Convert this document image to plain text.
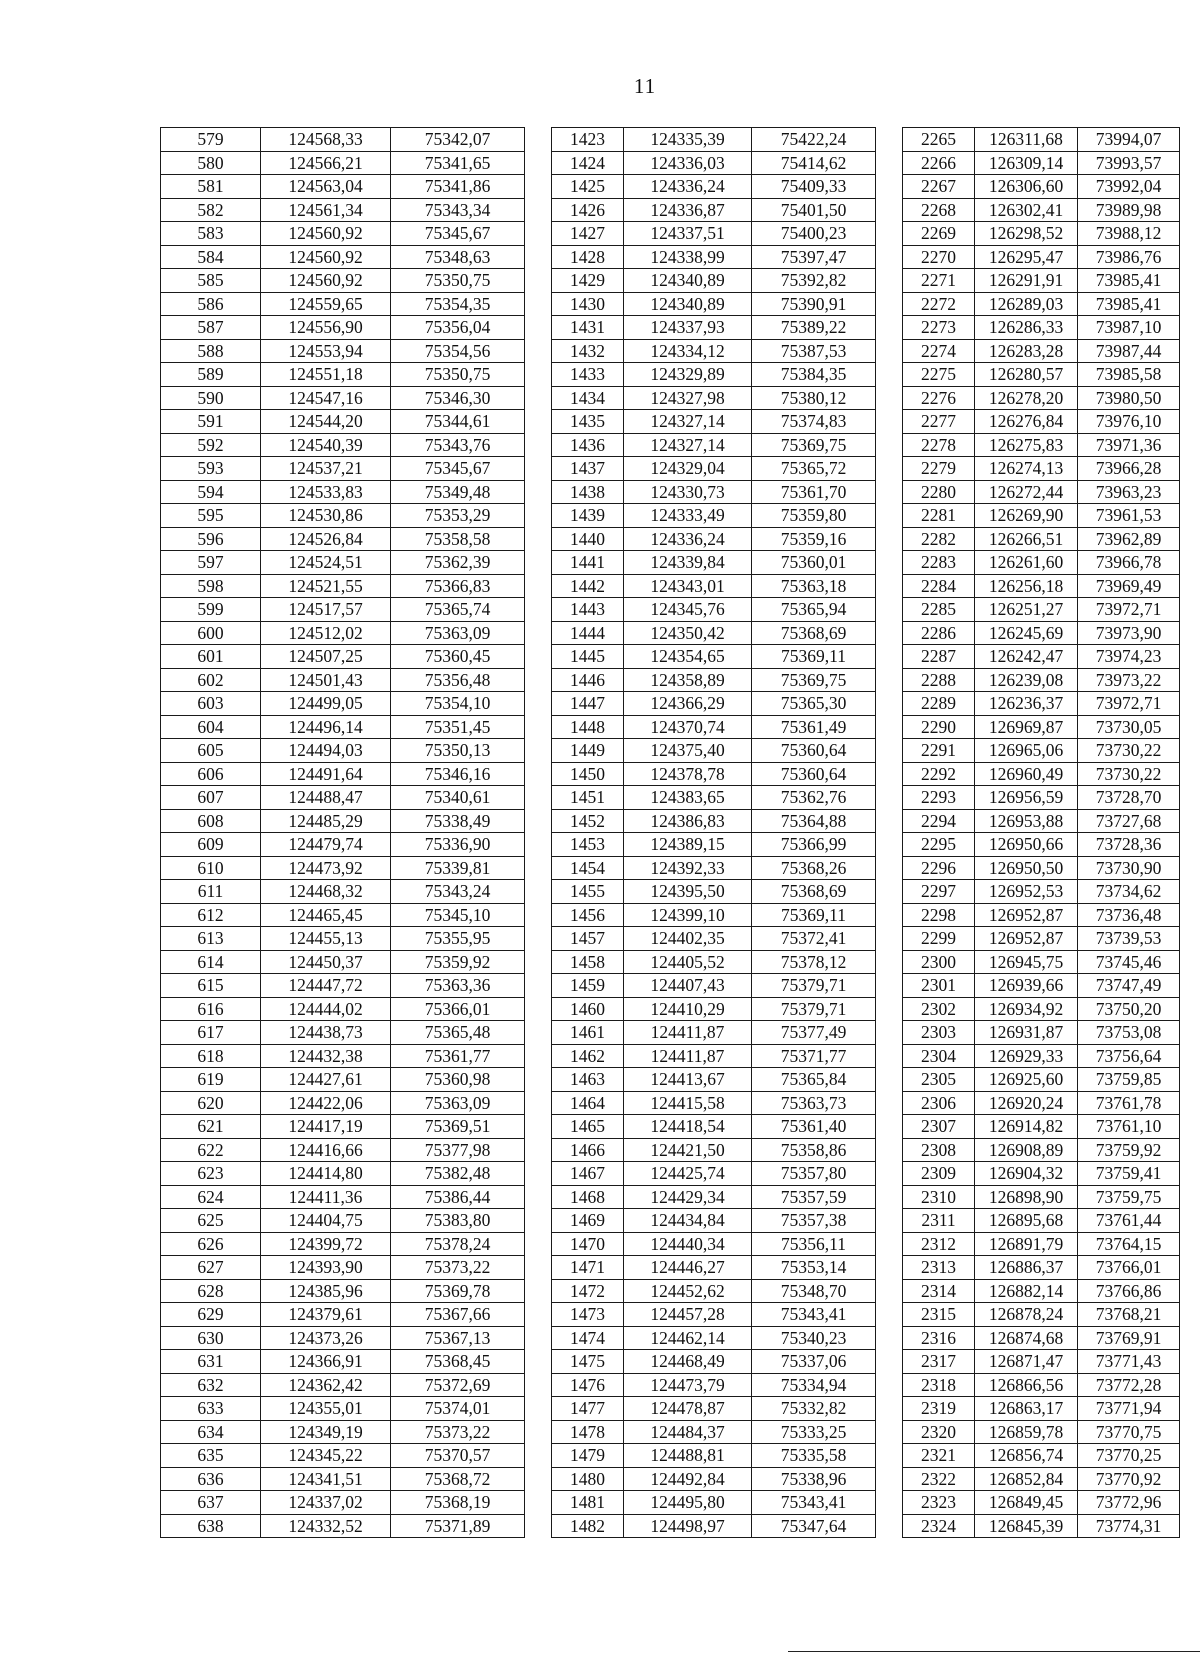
11
579	124568,33	75342,07		1423	124335,39	75422,24		2265	126311,68	73994,07
580	124566,21	75341,65		1424	124336,03	75414,62		2266	126309,14	73993,57
581	124563,04	75341,86		1425	124336,24	75409,33		2267	126306,60	73992,04
582	124561,34	75343,34		1426	124336,87	75401,50		2268	126302,41	73989,98
583	124560,92	75345,67		1427	124337,51	75400,23		2269	126298,52	73988,12
584	124560,92	75348,63		1428	124338,99	75397,47		2270	126295,47	73986,76
585	124560,92	75350,75		1429	124340,89	75392,82		2271	126291,91	73985,41
586	124559,65	75354,35		1430	124340,89	75390,91		2272	126289,03	73985,41
587	124556,90	75356,04		1431	124337,93	75389,22		2273	126286,33	73987,10
588	124553,94	75354,56		1432	124334,12	75387,53		2274	126283,28	73987,44
589	124551,18	75350,75		1433	124329,89	75384,35		2275	126280,57	73985,58
590	124547,16	75346,30		1434	124327,98	75380,12		2276	126278,20	73980,50
591	124544,20	75344,61		1435	124327,14	75374,83		2277	126276,84	73976,10
592	124540,39	75343,76		1436	124327,14	75369,75		2278	126275,83	73971,36
593	124537,21	75345,67		1437	124329,04	75365,72		2279	126274,13	73966,28
594	124533,83	75349,48		1438	124330,73	75361,70		2280	126272,44	73963,23
595	124530,86	75353,29		1439	124333,49	75359,80		2281	126269,90	73961,53
596	124526,84	75358,58		1440	124336,24	75359,16		2282	126266,51	73962,89
597	124524,51	75362,39		1441	124339,84	75360,01		2283	126261,60	73966,78
598	124521,55	75366,83		1442	124343,01	75363,18		2284	126256,18	73969,49
599	124517,57	75365,74		1443	124345,76	75365,94		2285	126251,27	73972,71
600	124512,02	75363,09		1444	124350,42	75368,69		2286	126245,69	73973,90
601	124507,25	75360,45		1445	124354,65	75369,11		2287	126242,47	73974,23
602	124501,43	75356,48		1446	124358,89	75369,75		2288	126239,08	73973,22
603	124499,05	75354,10		1447	124366,29	75365,30		2289	126236,37	73972,71
604	124496,14	75351,45		1448	124370,74	75361,49		2290	126969,87	73730,05
605	124494,03	75350,13		1449	124375,40	75360,64		2291	126965,06	73730,22
606	124491,64	75346,16		1450	124378,78	75360,64		2292	126960,49	73730,22
607	124488,47	75340,61		1451	124383,65	75362,76		2293	126956,59	73728,70
608	124485,29	75338,49		1452	124386,83	75364,88		2294	126953,88	73727,68
609	124479,74	75336,90		1453	124389,15	75366,99		2295	126950,66	73728,36
610	124473,92	75339,81		1454	124392,33	75368,26		2296	126950,50	73730,90
611	124468,32	75343,24		1455	124395,50	75368,69		2297	126952,53	73734,62
612	124465,45	75345,10		1456	124399,10	75369,11		2298	126952,87	73736,48
613	124455,13	75355,95		1457	124402,35	75372,41		2299	126952,87	73739,53
614	124450,37	75359,92		1458	124405,52	75378,12		2300	126945,75	73745,46
615	124447,72	75363,36		1459	124407,43	75379,71		2301	126939,66	73747,49
616	124444,02	75366,01		1460	124410,29	75379,71		2302	126934,92	73750,20
617	124438,73	75365,48		1461	124411,87	75377,49		2303	126931,87	73753,08
618	124432,38	75361,77		1462	124411,87	75371,77		2304	126929,33	73756,64
619	124427,61	75360,98		1463	124413,67	75365,84		2305	126925,60	73759,85
620	124422,06	75363,09		1464	124415,58	75363,73		2306	126920,24	73761,78
621	124417,19	75369,51		1465	124418,54	75361,40		2307	126914,82	73761,10
622	124416,66	75377,98		1466	124421,50	75358,86		2308	126908,89	73759,92
623	124414,80	75382,48		1467	124425,74	75357,80		2309	126904,32	73759,41
624	124411,36	75386,44		1468	124429,34	75357,59		2310	126898,90	73759,75
625	124404,75	75383,80		1469	124434,84	75357,38		2311	126895,68	73761,44
626	124399,72	75378,24		1470	124440,34	75356,11		2312	126891,79	73764,15
627	124393,90	75373,22		1471	124446,27	75353,14		2313	126886,37	73766,01
628	124385,96	75369,78		1472	124452,62	75348,70		2314	126882,14	73766,86
629	124379,61	75367,66		1473	124457,28	75343,41		2315	126878,24	73768,21
630	124373,26	75367,13		1474	124462,14	75340,23		2316	126874,68	73769,91
631	124366,91	75368,45		1475	124468,49	75337,06		2317	126871,47	73771,43
632	124362,42	75372,69		1476	124473,79	75334,94		2318	126866,56	73772,28
633	124355,01	75374,01		1477	124478,87	75332,82		2319	126863,17	73771,94
634	124349,19	75373,22		1478	124484,37	75333,25		2320	126859,78	73770,75
635	124345,22	75370,57		1479	124488,81	75335,58		2321	126856,74	73770,25
636	124341,51	75368,72		1480	124492,84	75338,96		2322	126852,84	73770,92
637	124337,02	75368,19		1481	124495,80	75343,41		2323	126849,45	73772,96
638	124332,52	75371,89		1482	124498,97	75347,64		2324	126845,39	73774,31
